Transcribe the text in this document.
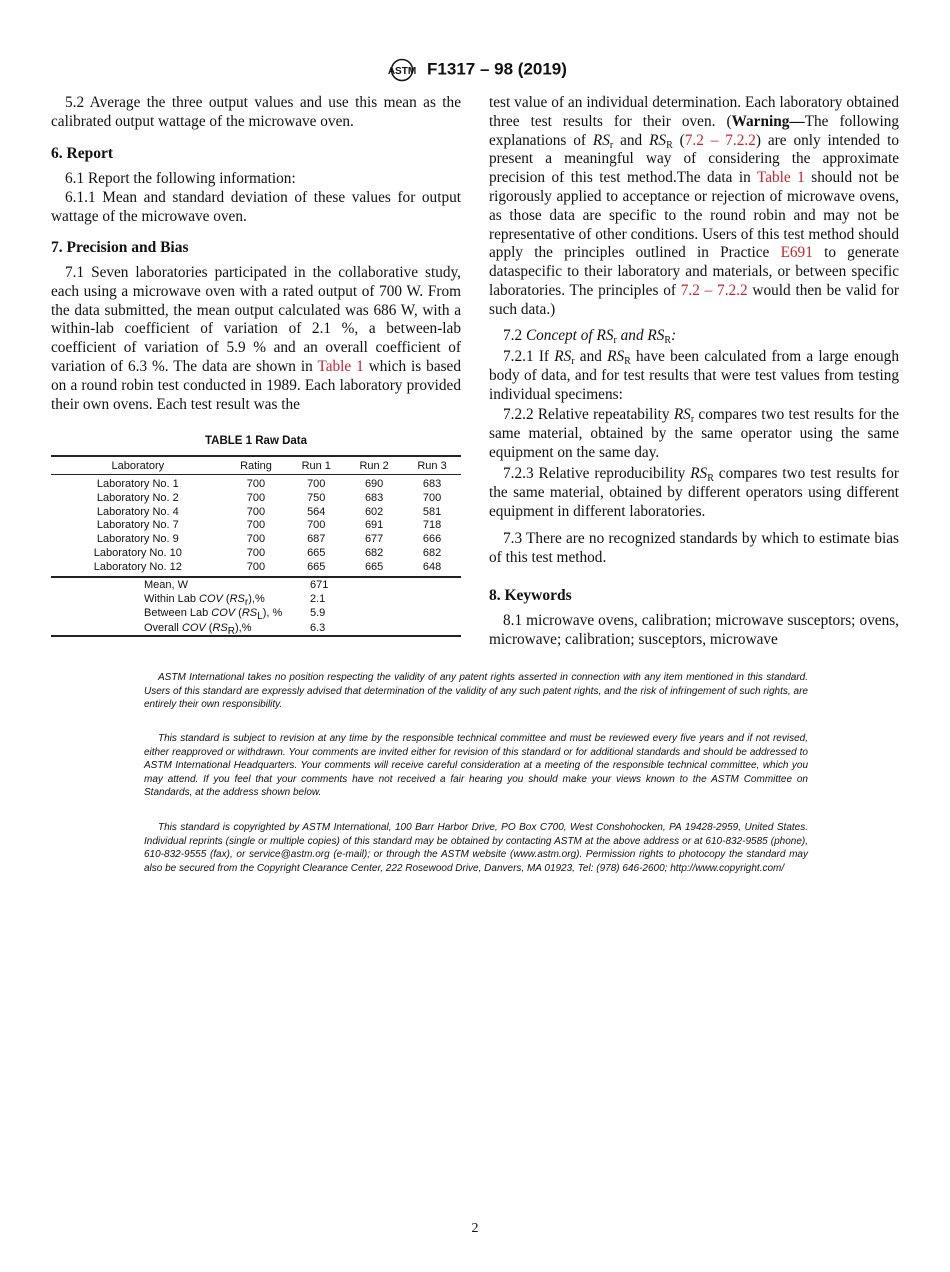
ASTM F1317 – 98 (2019)
5.2 Average the three output values and use this mean as the calibrated output wattage of the microwave oven.
6. Report
6.1 Report the following information:
6.1.1 Mean and standard deviation of these values for output wattage of the microwave oven.
7. Precision and Bias
7.1 Seven laboratories participated in the collaborative study, each using a microwave oven with a rated output of 700 W. From the data submitted, the mean output calculated was 686 W, with a within-lab coefficient of variation of 2.1 %, a between-lab coefficient of variation of 5.9 % and an overall coefficient of variation of 6.3 %. The data are shown in Table 1 which is based on a round robin test conducted in 1989. Each laboratory provided their own ovens. Each test result was the
TABLE 1 Raw Data
Laboratory	Rating	Run 1	Run 2	Run 3
Laboratory No. 1	700	700	690	683
Laboratory No. 2	700	750	683	700
Laboratory No. 4	700	564	602	581
Laboratory No. 7	700	700	691	718
Laboratory No. 9	700	687	677	666
Laboratory No. 10	700	665	682	682
Laboratory No. 12	700	665	665	648
Mean, W	671
Within Lab COV $(RS_r),\%$	2.1
Between Lab COV $(RS_L)$, %	5.9
Overall COV $(RS_R),\%$	6.3
test value of an individual determination. Each laboratory obtained three test results for their oven. (Warning—The following explanations of $RS_r$ and $RS_R$ (7.2 – 7.2.2) are only intended to present a meaningful way of considering the approximate precision of this test method.The data in Table 1 should not be rigorously applied to acceptance or rejection of microwave ovens, as those data are specific to the round robin and may not be representative of other conditions. Users of this test method should apply the principles outlined in Practice E691 to generate dataspecific to their laboratory and materials, or between specific laboratories. The principles of 7.2 – 7.2.2 would then be valid for such data.)
7.2 Concept of $RS_r$ and $RS_R$:
7.2.1 If $RS_r$ and $RS_R$ have been calculated from a large enough body of data, and for test results that were test values from testing individual specimens:
7.2.2 Relative repeatability $RS_r$ compares two test results for the same material, obtained by the same operator using the same equipment on the same day.
7.2.3 Relative reproducibility $RS_R$ compares two test results for the same material, obtained by different operators using different equipment in different laboratories.
7.3 There are no recognized standards by which to estimate bias of this test method.
8. Keywords
8.1 microwave ovens, calibration; microwave susceptors; ovens, microwave; calibration; susceptors, microwave
ASTM International takes no position respecting the validity of any patent rights asserted in connection with any item mentioned in this standard. Users of this standard are expressly advised that determination of the validity of any such patent rights, and the risk of infringement of such rights, are entirely their own responsibility.
This standard is subject to revision at any time by the responsible technical committee and must be reviewed every five years and if not revised, either reapproved or withdrawn. Your comments are invited either for revision of this standard or for additional standards and should be addressed to ASTM International Headquarters. Your comments will receive careful consideration at a meeting of the responsible technical committee, which you may attend. If you feel that your comments have not received a fair hearing you should make your views known to the ASTM Committee on Standards, at the address shown below.
This standard is copyrighted by ASTM International, 100 Barr Harbor Drive, PO Box C700, West Conshohocken, PA 19428-2959, United States. Individual reprints (single or multiple copies) of this standard may be obtained by contacting ASTM at the above address or at 610-832-9585 (phone), 610-832-9555 (fax), or service@astm.org (e-mail); or through the ASTM website (www.astm.org). Permission rights to photocopy the standard may also be secured from the Copyright Clearance Center, 222 Rosewood Drive, Danvers, MA 01923, Tel: (978) 646-2600; http://www.copyright.com/
2
